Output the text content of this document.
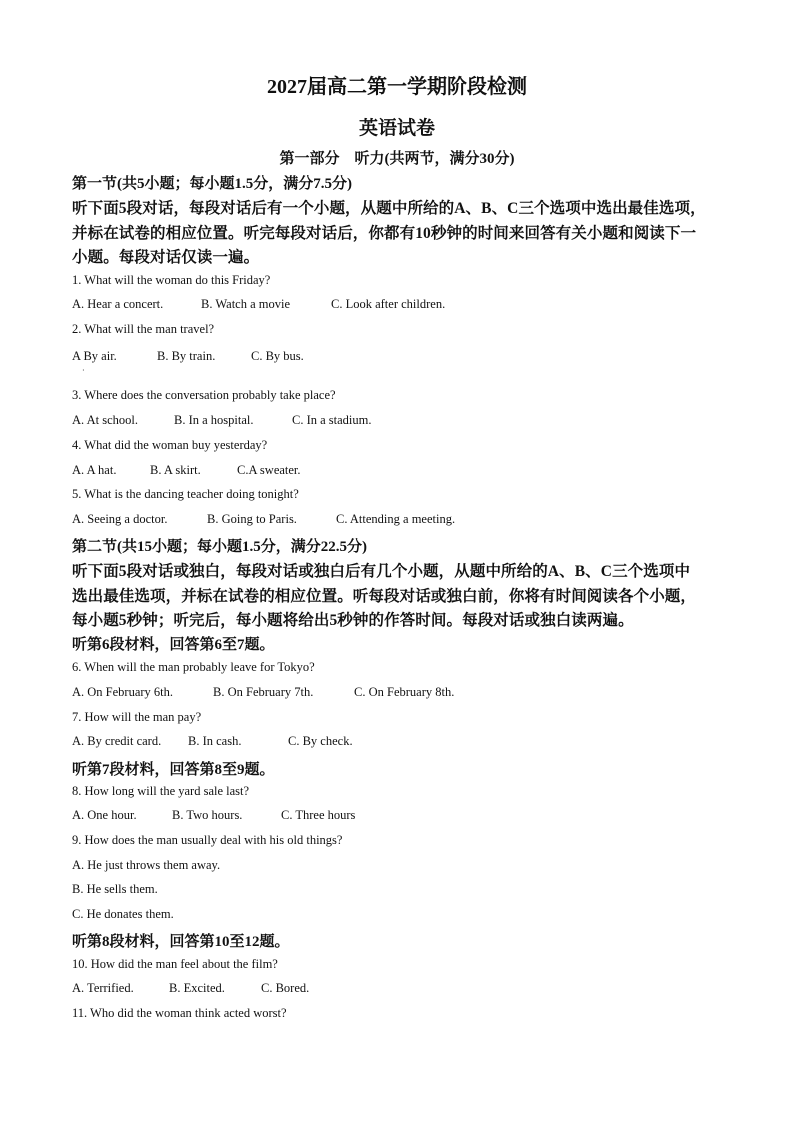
2027届高二第一学期阶段检测
英语试卷
第一部分　听力(共两节，满分30分)
第一节(共5小题；每小题1.5分，满分7.5分)
听下面5段对话，每段对话后有一个小题，从题中所给的A、B、C三个选项中选出最佳选项，
并标在试卷的相应位置。听完每段对话后，你都有10秒钟的时间来回答有关小题和阅读下一
小题。每段对话仅读一遍。
1. What will the woman do this Friday?
A. Hear a concert.	B. Watch a movie	C. Look after children.
2. What will the man travel?
A By air.	B. By train.	C. By bus.
·
3. Where does the conversation probably take place?
A. At school.	B. In a hospital.	C. In a stadium.
4. What did the woman buy yesterday?
A. A hat.	B. A skirt.	C.A sweater.
5. What is the dancing teacher doing tonight?
A. Seeing a doctor.	B. Going to Paris.	C. Attending a meeting.
第二节(共15小题；每小题1.5分，满分22.5分)
听下面5段对话或独白，每段对话或独白后有几个小题，从题中所给的A、B、C三个选项中
选出最佳选项，并标在试卷的相应位置。听每段对话或独白前，你将有时间阅读各个小题，
每小题5秒钟；听完后，每小题将给出5秒钟的作答时间。每段对话或独白读两遍。
听第6段材料，回答第6至7题。
6. When will the man probably leave for Tokyo?
A. On February 6th.	B. On February 7th.	C. On February 8th.
7. How will the man pay?
A. By credit card. B. In cash.	C. By check.
听第7段材料，回答第8至9题。
8. How long will the yard sale last?
A. One hour.	B. Two hours.	C. Three hours
9. How does the man usually deal with his old things?
A. He just throws them away.
B. He sells them.
C. He donates them.
听第8段材料，回答第10至12题。
10. How did the man feel about the film?
A. Terrified.	B. Excited.	C. Bored.
11. Who did the woman think acted worst?
